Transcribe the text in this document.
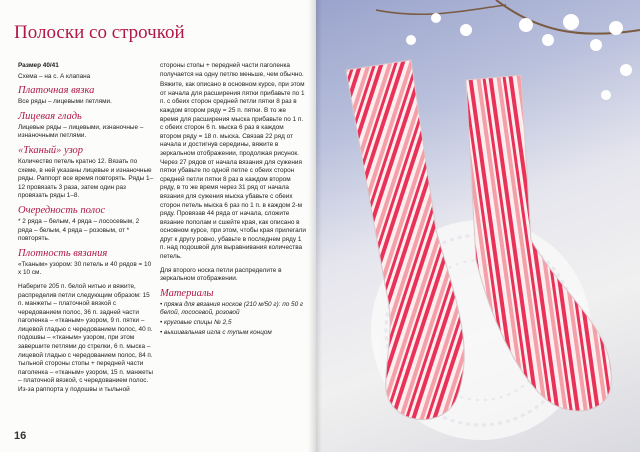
Полоски со строчкой

Размер 40/41

Схема – на с. А клапана

Платочная вязка

Все ряды – лицевыми петлями.

Лицевая гладь

Лицевые ряды – лицевыми, изнаночные – изнаночными петлями.

«Тканый» узор

Количество петель кратно 12. Вязать по схеме, в ней указаны лицевые и изнаночные ряды. Раппорт все время повторять. Ряды 1–12 провязать 3 раза, затем один раз провязать ряды 1–8.

Очередность полос

* 2 ряда – белым, 4 ряда – лососевым, 2 ряда – белым, 4 ряда – розовым, от * повторять.

Плотность вязания

«Тканым» узором: 30 петель и 40 рядов = 10 х 10 см.

Наберите 205 п. белой нитью и вяжите, распределив петли следующим образом: 15 п. манжеты – платочной вязкой с чередованием полос, 36 п. задней части паголенка – «тканым» узором, 9 п. пятки – лицевой гладью с чередованием полос, 40 п. подошвы – «тканым» узором, при этом завершите петлями до стрелки, 6 п. мыска – лицевой гладью с чередованием полос, 84 п. тыльной стороны стопы + передней части паголенка – «тканым» узором, 15 п. манжеты – платочной вязкой, с чередованием полос. Из-за раппорта у подошвы и тыльной

стороны стопы + передней части паголенка получается на одну петлю меньше, чем обычно.

Вяжите, как описано в основном курсе, при этом от начала для расширения пятки прибавьте по 1 п. с обеих сторон средней петли пятки 8 раз в каждом втором ряду = 25 п. пятки. В то же время для расширения мыска прибавьте по 1 п. с обеих сторон 6 п. мыска 6 раз в каждом втором ряду = 18 п. мыска. Связав 22 ряд от начала и достигнув середины, вяжите в зеркальном отображении, продолжая рисунок. Через 27 рядов от начала вязания для сужения пятки убавьте по одной петле с обеих сторон средней петли пятки 8 раз в каждом втором ряду, в то же время через 31 ряд от начала вязания для сужения мыска убавьте с обеих сторон петель мыска 6 раз по 1 п. в каждом 2-м ряду. Провязав 44 ряда от начала, сложите вязание пополам и сшейте края, как описано в основном курсе, при этом, чтобы края прилегали друг к другу ровно, убавьте в последнем ряду 1 п. над подошвой для выравнивания количества петель.

Для второго носка петли распределите в зеркальном отображении.

Материалы
• пряжа для вязания носков (210 м/50 г): по 50 г белой, лососевой, розовой
• круговые спицы № 2,5
• вышивальная игла с тупым концом

16
